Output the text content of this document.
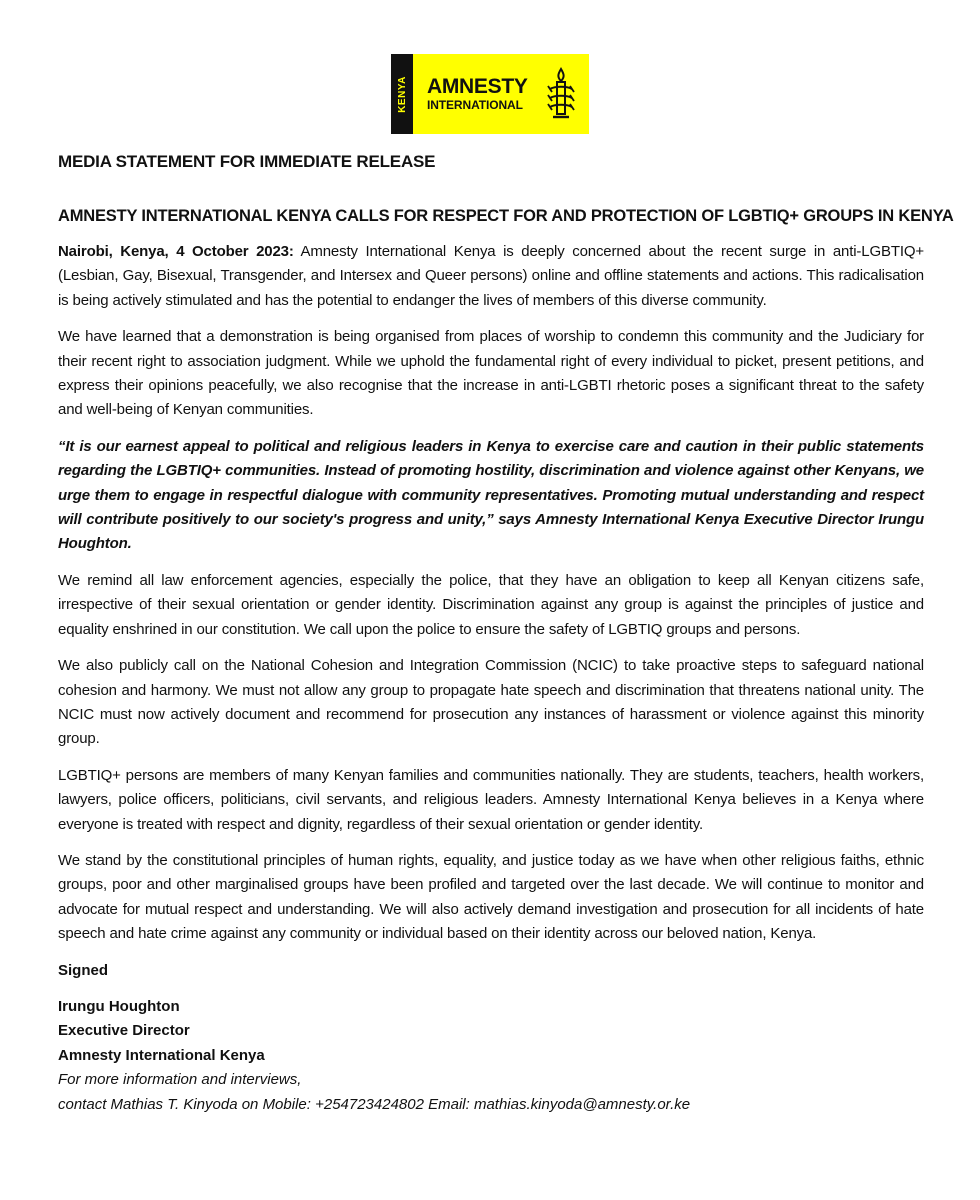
KENYA AMNESTY
INTERNATIONAL
MEDIA STATEMENT FOR IMMEDIATE RELEASE
AMNESTY INTERNATIONAL KENYA CALLS FOR RESPECT FOR AND PROTECTION OF LGBTIQ+ GROUPS IN KENYA

Nairobi, Kenya, 4 October 2023: Amnesty International Kenya is deeply concerned about the recent surge in anti-LGBTIQ+ (Lesbian, Gay, Bisexual, Transgender, and Intersex and Queer persons) online and offline statements and actions. This radicalisation is being actively stimulated and has the potential to endanger the lives of members of this diverse community.

We have learned that a demonstration is being organised from places of worship to condemn this community and the Judiciary for their recent right to association judgment. While we uphold the fundamental right of every individual to picket, present petitions, and express their opinions peacefully, we also recognise that the increase in anti-LGBTI rhetoric poses a significant threat to the safety and well-being of Kenyan communities.

“It is our earnest appeal to political and religious leaders in Kenya to exercise care and caution in their public statements regarding the LGBTIQ+ communities. Instead of promoting hostility, discrimination and violence against other Kenyans, we urge them to engage in respectful dialogue with community representatives. Promoting mutual understanding and respect will contribute positively to our society's progress and unity,” says Amnesty International Kenya Executive Director Irungu Houghton.

We remind all law enforcement agencies, especially the police, that they have an obligation to keep all Kenyan citizens safe, irrespective of their sexual orientation or gender identity. Discrimination against any group is against the principles of justice and equality enshrined in our constitution. We call upon the police to ensure the safety of LGBTIQ groups and persons.

We also publicly call on the National Cohesion and Integration Commission (NCIC) to take proactive steps to safeguard national cohesion and harmony. We must not allow any group to propagate hate speech and discrimination that threatens national unity. The NCIC must now actively document and recommend for prosecution any instances of harassment or violence against this minority group.

LGBTIQ+ persons are members of many Kenyan families and communities nationally. They are students, teachers, health workers, lawyers, police officers, politicians, civil servants, and religious leaders. Amnesty International Kenya believes in a Kenya where everyone is treated with respect and dignity, regardless of their sexual orientation or gender identity.

We stand by the constitutional principles of human rights, equality, and justice today as we have when other religious faiths, ethnic groups, poor and other marginalised groups have been profiled and targeted over the last decade. We will continue to monitor and advocate for mutual respect and understanding. We will also actively demand investigation and prosecution for all incidents of hate speech and hate crime against any community or individual based on their identity across our beloved nation, Kenya.

Signed
Irungu Houghton
Executive Director
Amnesty International Kenya
For more information and interviews,
contact Mathias T. Kinyoda on Mobile: +254723424802 Email: mathias.kinyoda@amnesty.or.ke
